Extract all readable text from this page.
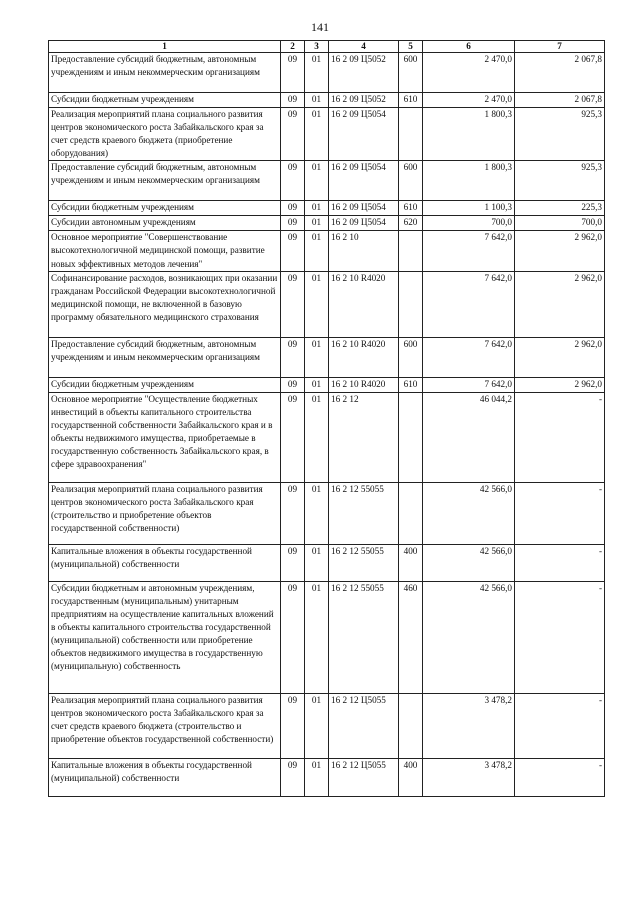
141
1	2	3	4	5	6	7
Предоставление субсидий бюджетным, автономным учреждениям и иным некоммерческим организациям	09	01	16 2 09 Ц5052	600	2 470,0	2 067,8
Субсидии бюджетным учреждениям	09	01	16 2 09 Ц5052	610	2 470,0	2 067,8
Реализация мероприятий плана социального развития центров экономического роста Забайкальского края за счет средств краевого бюджета (приобретение оборудования)	09	01	16 2 09 Ц5054		1 800,3	925,3
Предоставление субсидий бюджетным, автономным учреждениям и иным некоммерческим организациям	09	01	16 2 09 Ц5054	600	1 800,3	925,3
Субсидии бюджетным учреждениям	09	01	16 2 09 Ц5054	610	1 100,3	225,3
Субсидии автономным учреждениям	09	01	16 2 09 Ц5054	620	700,0	700,0
Основное мероприятие "Совершенствование высокотехнологичной медицинской помощи, развитие новых эффективных методов лечения"	09	01	16 2 10		7 642,0	2 962,0
Софинансирование расходов, возникающих при оказании гражданам Российской Федерации высокотехнологичной медицинской помощи, не включенной в базовую программу обязательного медицинского страхования	09	01	16 2 10 R4020		7 642,0	2 962,0
Предоставление субсидий бюджетным, автономным учреждениям и иным некоммерческим организациям	09	01	16 2 10 R4020	600	7 642,0	2 962,0
Субсидии бюджетным учреждениям	09	01	16 2 10 R4020	610	7 642,0	2 962,0
Основное мероприятие "Осуществление бюджетных инвестиций в объекты капитального строительства государственной собственности Забайкальского края и в объекты недвижимого имущества, приобретаемые в государственную собственность Забайкальского края, в сфере здравоохранения"	09	01	16 2 12		46 044,2	-
Реализация мероприятий плана социального развития центров экономического роста Забайкальского края (строительство и приобретение объектов государственной собственности)	09	01	16 2 12 55055		42 566,0	-
Капитальные вложения в объекты государственной (муниципальной) собственности	09	01	16 2 12 55055	400	42 566,0	-
Субсидии бюджетным и автономным учреждениям, государственным (муниципальным) унитарным предприятиям на осуществление капитальных вложений в объекты капитального строительства государственной (муниципальной) собственности или приобретение объектов недвижимого имущества в государственную (муниципальную) собственность	09	01	16 2 12 55055	460	42 566,0	-
Реализация мероприятий плана социального развития центров экономического роста Забайкальского края за счет средств краевого бюджета (строительство и приобретение объектов государственной собственности)	09	01	16 2 12 Ц5055		3 478,2	-
Капитальные вложения в объекты государственной (муниципальной) собственности	09	01	16 2 12 Ц5055	400	3 478,2	-
